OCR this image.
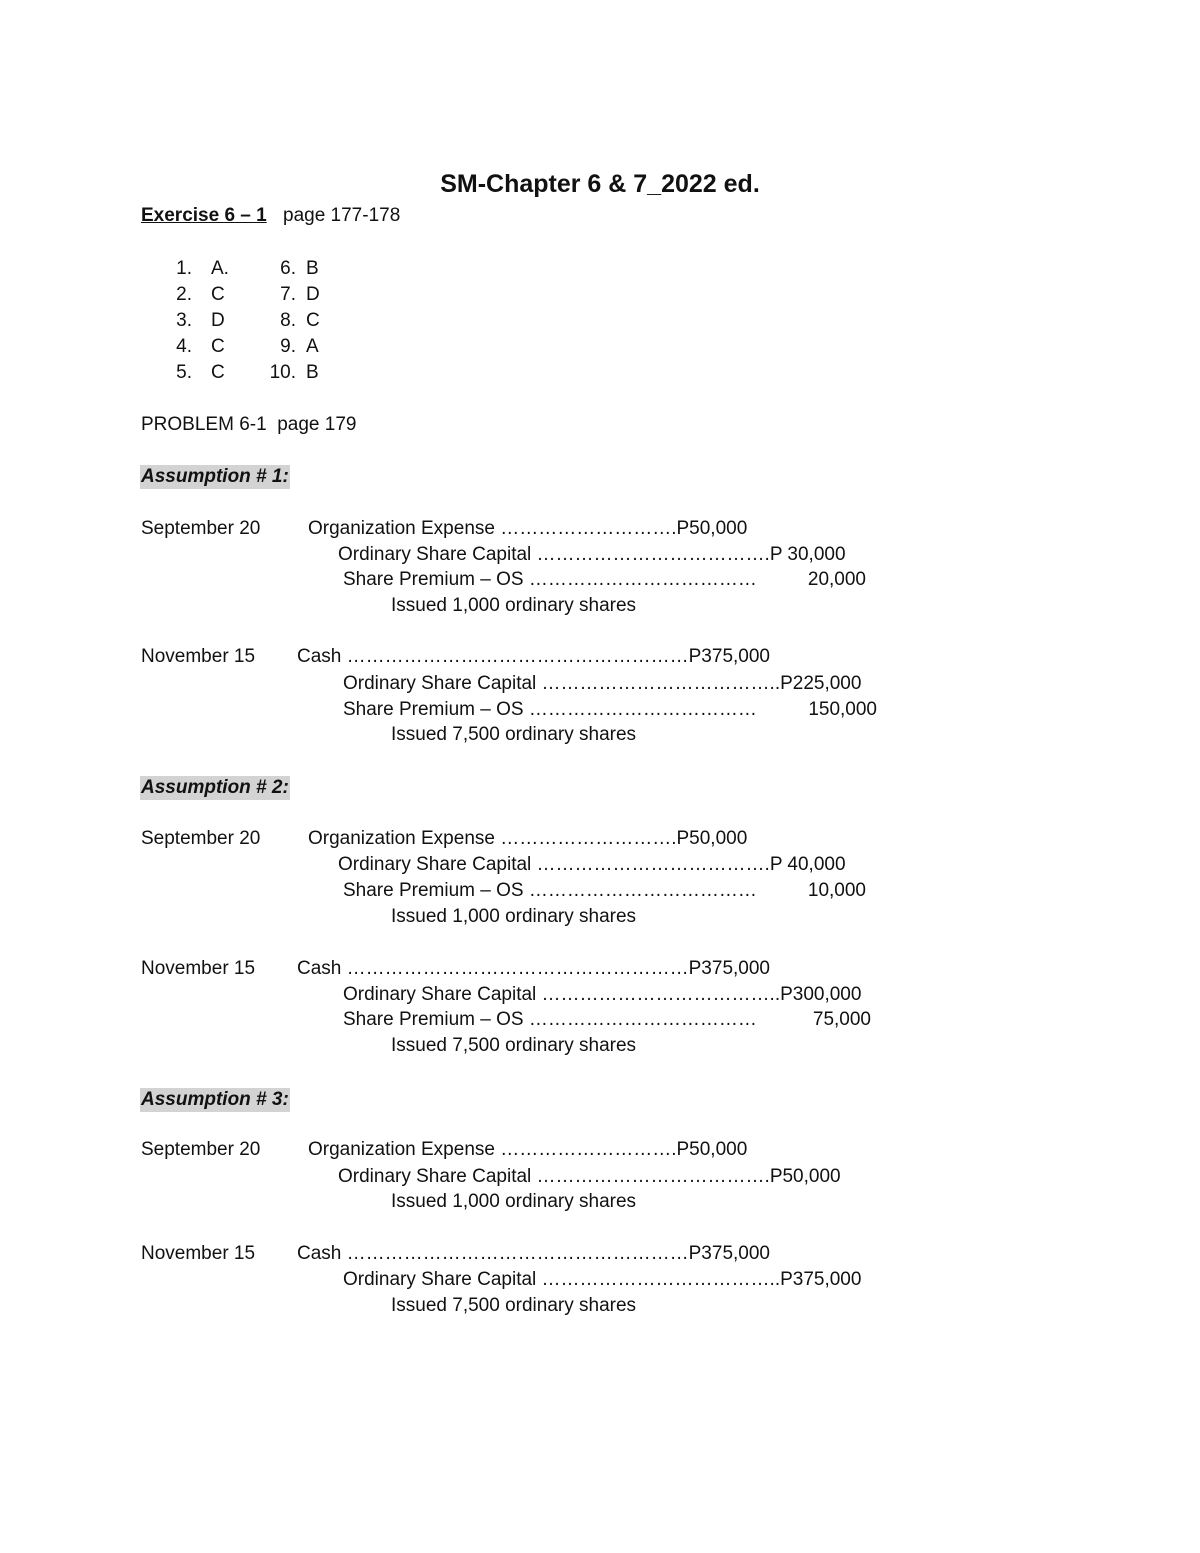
SM-Chapter 6 & 7_2022 ed.
Exercise 6 – 1 page 177-178
1. A.
2. C
3. D
4. C
5. C
6. B
7. D
8. C
9. A
10. B
PROBLEM 6-1  page 179
Assumption # 1:
September 20	Organization Expense ……………………….P50,000
Ordinary Share Capital ……………………………….P 30,000
Share Premium – OS ………………………………	20,000
Issued 1,000 ordinary shares
November 15 Cash ………………………………………………P375,000
Ordinary Share Capital ………………………………..P225,000
Share Premium – OS ………………………………	150,000
Issued 7,500 ordinary shares
Assumption # 2:
September 20	Organization Expense ……………………….P50,000
Ordinary Share Capital ……………………………….P 40,000
Share Premium – OS ………………………………	10,000
Issued 1,000 ordinary shares
November 15 Cash ………………………………………………P375,000
Ordinary Share Capital ………………………………..P300,000
Share Premium – OS ………………………………	75,000
Issued 7,500 ordinary shares
Assumption # 3:
September 20	Organization Expense ……………………….P50,000
Ordinary Share Capital ……………………………….P50,000
Issued 1,000 ordinary shares
November 15 Cash ………………………………………………P375,000
Ordinary Share Capital ………………………………..P375,000
Issued 7,500 ordinary shares
